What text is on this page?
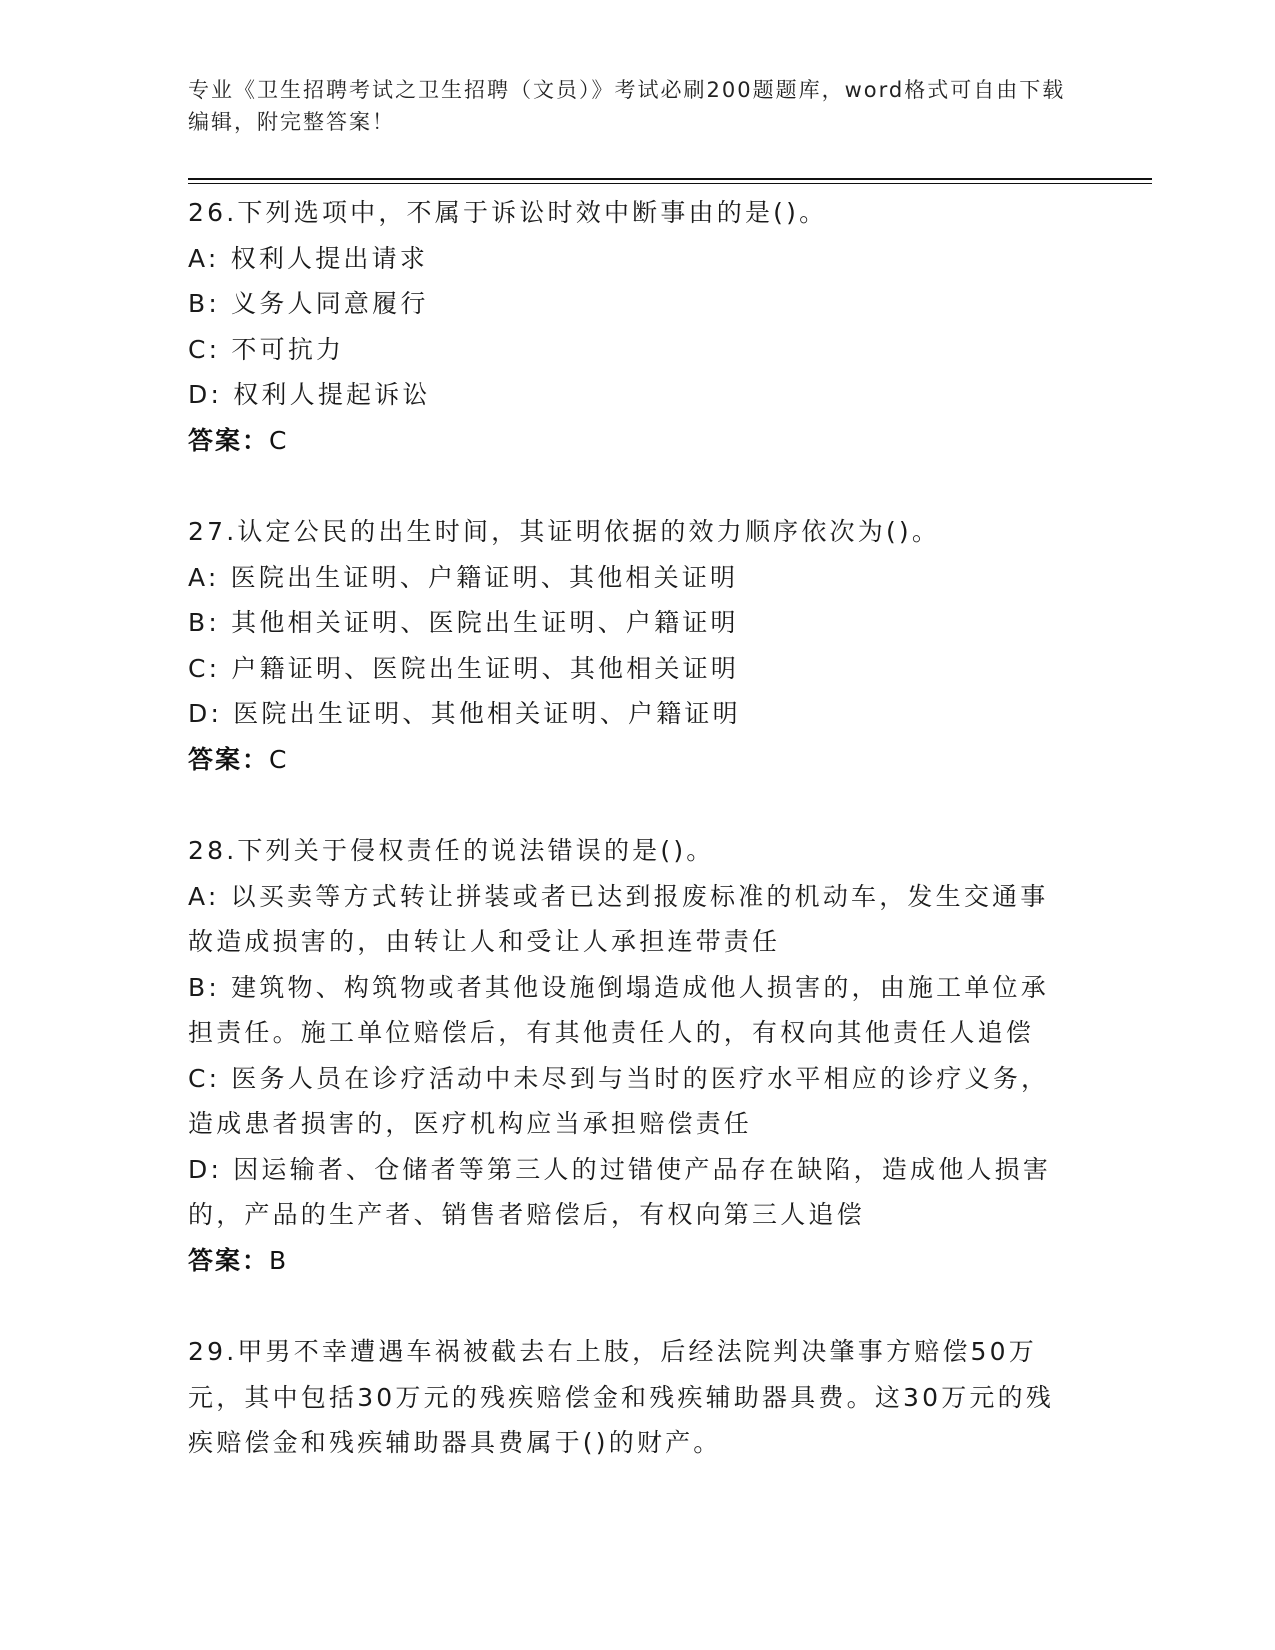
专业《卫生招聘考试之卫生招聘（文员）》考试必刷200题题库，word格式可自由下载编辑，附完整答案！
26.下列选项中，不属于诉讼时效中断事由的是()。
A: 权利人提出请求
B: 义务人同意履行
C: 不可抗力
D: 权利人提起诉讼
答案：C
27.认定公民的出生时间，其证明依据的效力顺序依次为()。
A: 医院出生证明、户籍证明、其他相关证明
B: 其他相关证明、医院出生证明、户籍证明
C: 户籍证明、医院出生证明、其他相关证明
D: 医院出生证明、其他相关证明、户籍证明
答案：C
28.下列关于侵权责任的说法错误的是()。
A: 以买卖等方式转让拼装或者已达到报废标准的机动车，发生交通事故造成损害的，由转让人和受让人承担连带责任
B: 建筑物、构筑物或者其他设施倒塌造成他人损害的，由施工单位承担责任。施工单位赔偿后，有其他责任人的，有权向其他责任人追偿
C: 医务人员在诊疗活动中未尽到与当时的医疗水平相应的诊疗义务，造成患者损害的，医疗机构应当承担赔偿责任
D: 因运输者、仓储者等第三人的过错使产品存在缺陷，造成他人损害的，产品的生产者、销售者赔偿后，有权向第三人追偿
答案：B
29.甲男不幸遭遇车祸被截去右上肢，后经法院判决肇事方赔偿50万元，其中包括30万元的残疾赔偿金和残疾辅助器具费。这30万元的残疾赔偿金和残疾辅助器具费属于()的财产。
